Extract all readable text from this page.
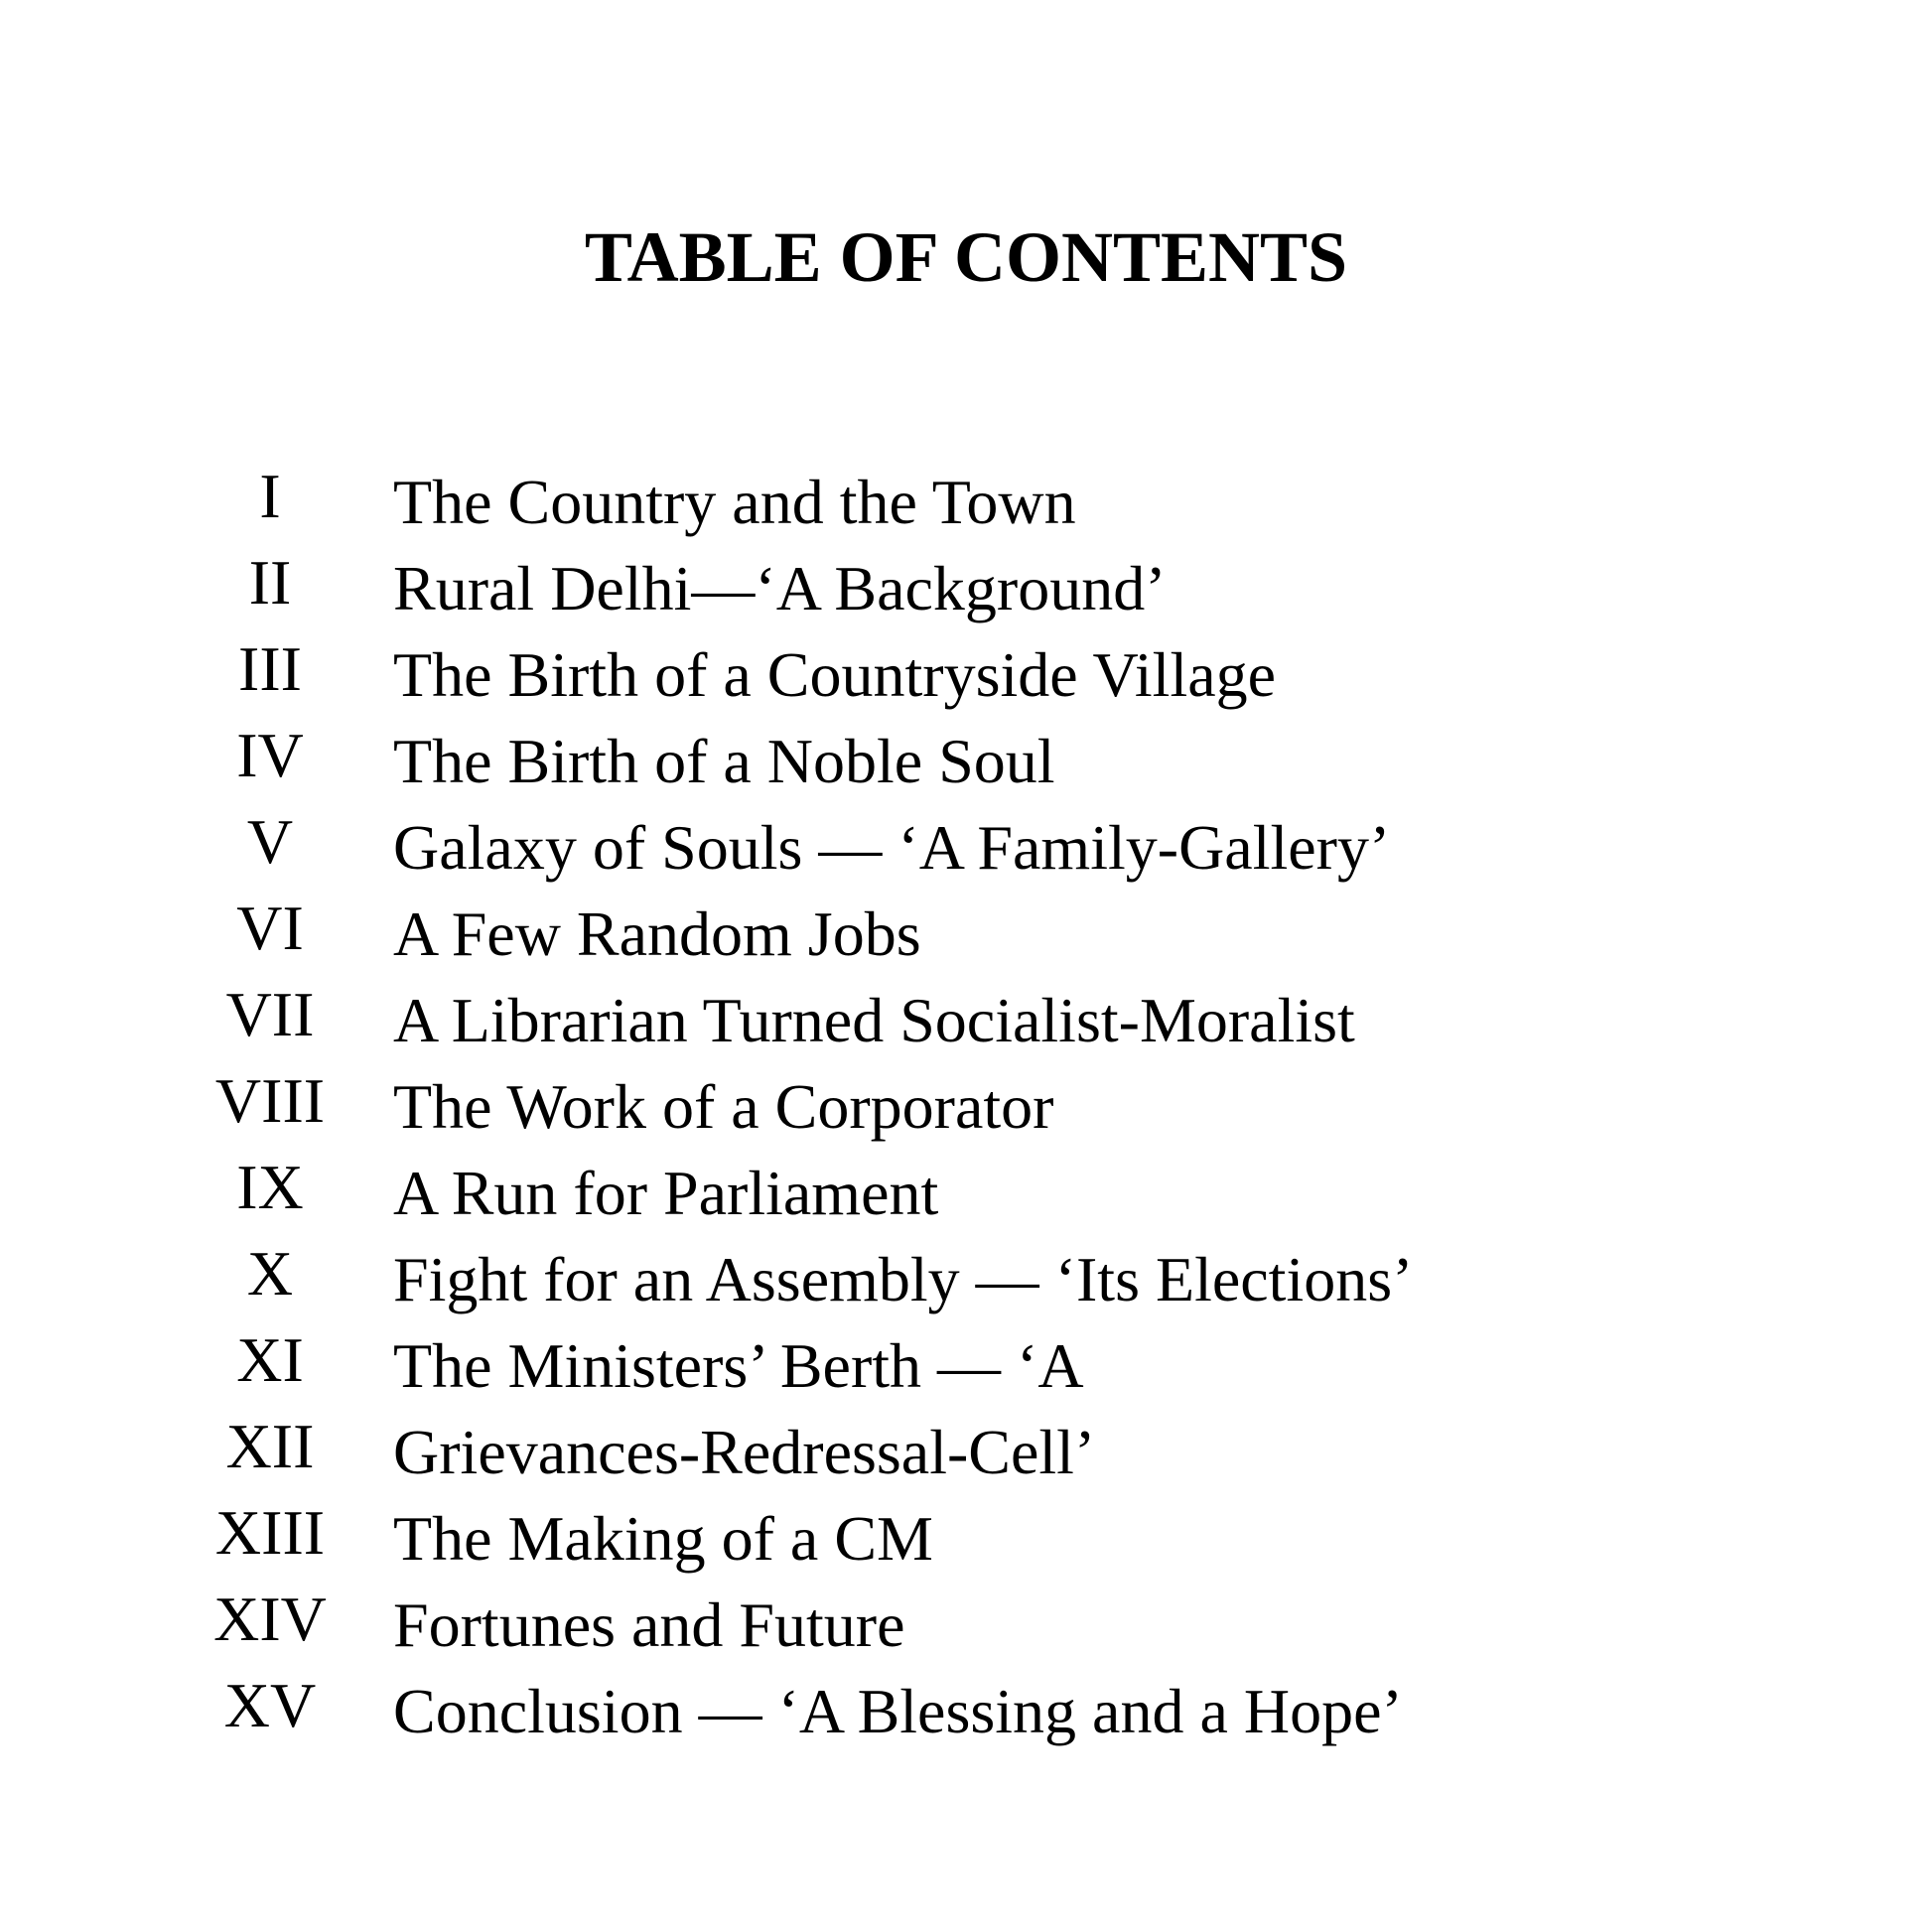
TABLE OF CONTENTS
I	The Country and the Town
II	Rural Delhi—‘A Background’
III	The Birth of a Countryside Village
IV	The Birth of a Noble Soul
V	Galaxy of Souls — ‘A Family-Gallery’
VI	A Few Random Jobs
VII	A Librarian Turned Socialist-Moralist
VIII	The Work of a Corporator
IX	A Run for Parliament
X	Fight for an Assembly — ‘Its Elections’
XI	The Ministers’ Berth — ‘A
XII	Grievances-Redressal-Cell’
XIII	The Making of a CM
XIV	Fortunes and Future
XV	Conclusion — ‘A Blessing and a Hope’
